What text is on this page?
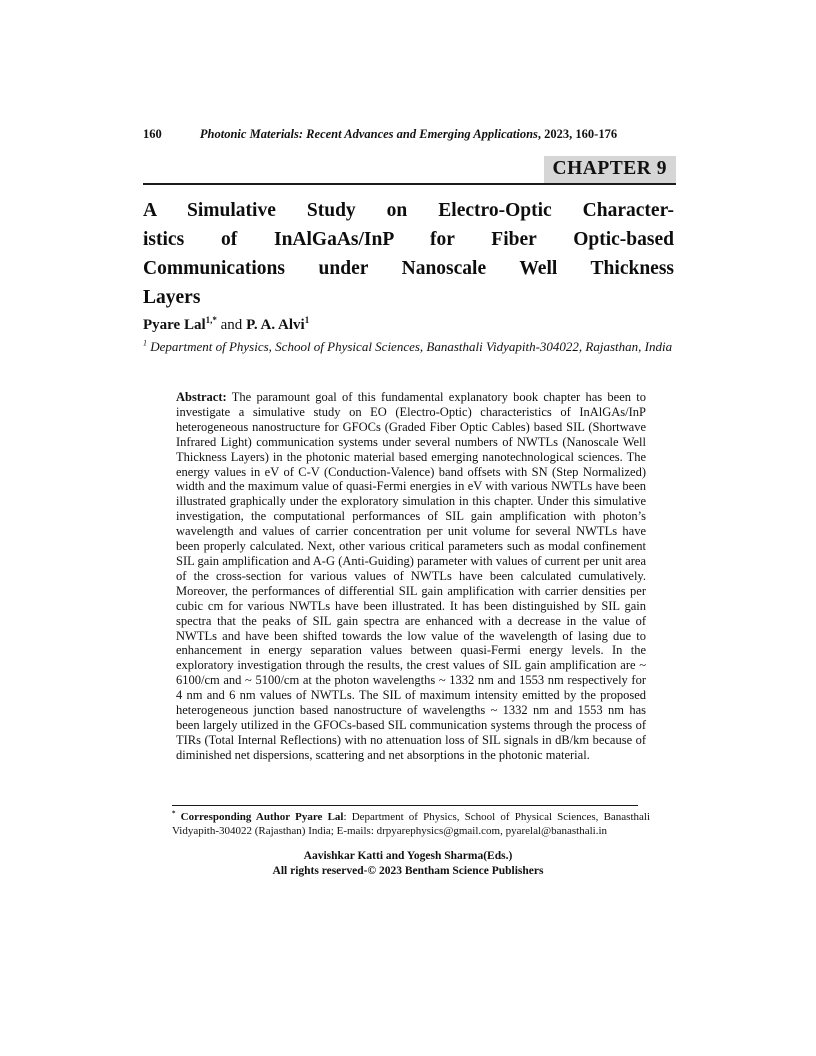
160	Photonic Materials: Recent Advances and Emerging Applications, 2023, 160-176
CHAPTER 9
A Simulative Study on Electro-Optic Character-
istics of InAlGaAs/InP for Fiber Optic-based
Communications under Nanoscale Well Thickness
Layers
Pyare Lal$^{1,*}$ and P. A. Alvi$^1$
$^1$ Department of Physics, School of Physical Sciences, Banasthali Vidyapith-304022, Rajasthan, India
Abstract: The paramount goal of this fundamental explanatory book chapter has been to investigate a simulative study on EO (Electro-Optic) characteristics of InAlGAs/InP heterogeneous nanostructure for GFOCs (Graded Fiber Optic Cables) based SIL (Shortwave Infrared Light) communication systems under several numbers of NWTLs (Nanoscale Well Thickness Layers) in the photonic material based emerging nanotechnological sciences. The energy values in eV of C-V (Conduction-Valence) band offsets with SN (Step Normalized) width and the maximum value of quasi-Fermi energies in eV with various NWTLs have been illustrated graphically under the exploratory simulation in this chapter. Under this simulative investigation, the computational performances of SIL gain amplification with photon’s wavelength and values of carrier concentration per unit volume for several NWTLs have been properly calculated. Next, other various critical parameters such as modal confinement SIL gain amplification and A-G (Anti-Guiding) parameter with values of current per unit area of the cross-section for various values of NWTLs have been calculated cumulatively. Moreover, the performances of differential SIL gain amplification with carrier densities per cubic cm for various NWTLs have been illustrated. It has been distinguished by SIL gain spectra that the peaks of SIL gain spectra are enhanced with a decrease in the value of NWTLs and have been shifted towards the low value of the wavelength of lasing due to enhancement in energy separation values between quasi-Fermi energy levels. In the exploratory investigation through the results, the crest values of SIL gain amplification are ~ 6100/cm and ~ 5100/cm at the photon wavelengths ~ 1332 nm and 1553 nm respectively for 4 nm and 6 nm values of NWTLs. The SIL of maximum intensity emitted by the proposed heterogeneous junction based nanostructure of wavelengths ~ 1332 nm and 1553 nm has been largely utilized in the GFOCs-based SIL communication systems through the process of TIRs (Total Internal Reflections) with no attenuation loss of SIL signals in dB/km because of diminished net dispersions, scattering and net absorptions in the photonic material.
* Corresponding Author Pyare Lal: Department of Physics, School of Physical Sciences, Banasthali Vidyapith-304022 (Rajasthan) India; E-mails: drpyarephysics@gmail.com, pyarelal@banasthali.in
Aavishkar Katti and Yogesh Sharma(Eds.)
All rights reserved-© 2023 Bentham Science Publishers
